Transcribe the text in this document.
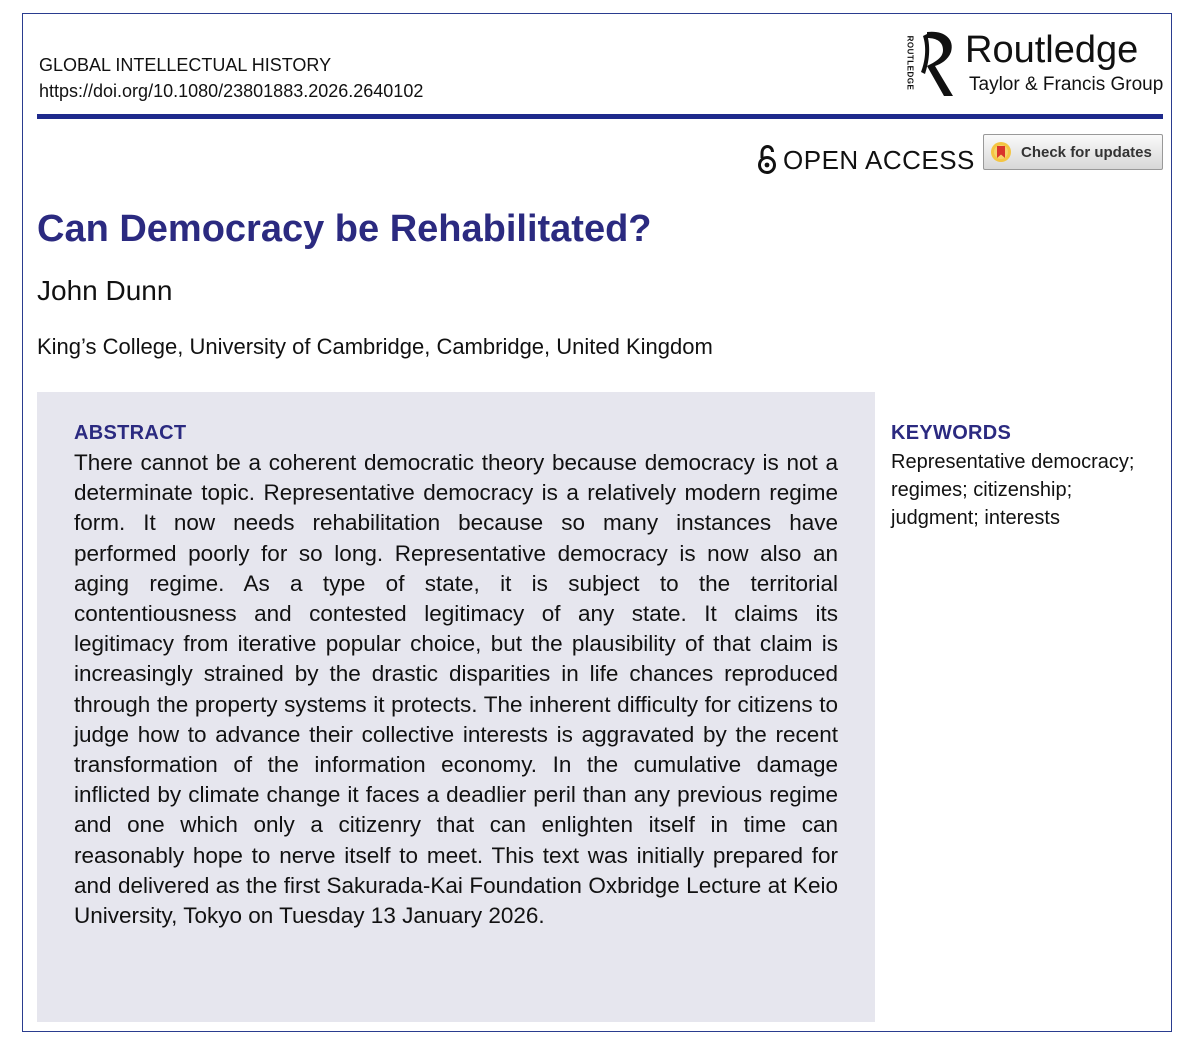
GLOBAL INTELLECTUAL HISTORY
https://doi.org/10.1080/23801883.2026.2640102
ROUTLEDGE Routledge
Taylor & Francis Group
OPEN ACCESS	Check for updates
Can Democracy be Rehabilitated?
John Dunn
King’s College, University of Cambridge, Cambridge, United Kingdom
ABSTRACT
There cannot be a coherent democratic theory because democracy is not a determinate topic. Representative democracy is a relatively modern regime form. It now needs rehabilitation because so many instances have performed poorly for so long. Representative democracy is now also an aging regime. As a type of state, it is subject to the territorial contentiousness and contested legitimacy of any state. It claims its legitimacy from iterative popular choice, but the plausibility of that claim is increasingly strained by the drastic disparities in life chances reproduced through the property systems it protects. The inherent difficulty for citizens to judge how to advance their collective interests is aggravated by the recent transformation of the information economy. In the cumulative damage inflicted by climate change it faces a deadlier peril than any previous regime and one which only a citizenry that can enlighten itself in time can reasonably hope to nerve itself to meet. This text was initially prepared for and delivered as the first Sakurada-Kai Foundation Oxbridge Lecture at Keio University, Tokyo on Tuesday 13 January 2026.
KEYWORDS
Representative democracy; regimes; citizenship; judgment; interests
